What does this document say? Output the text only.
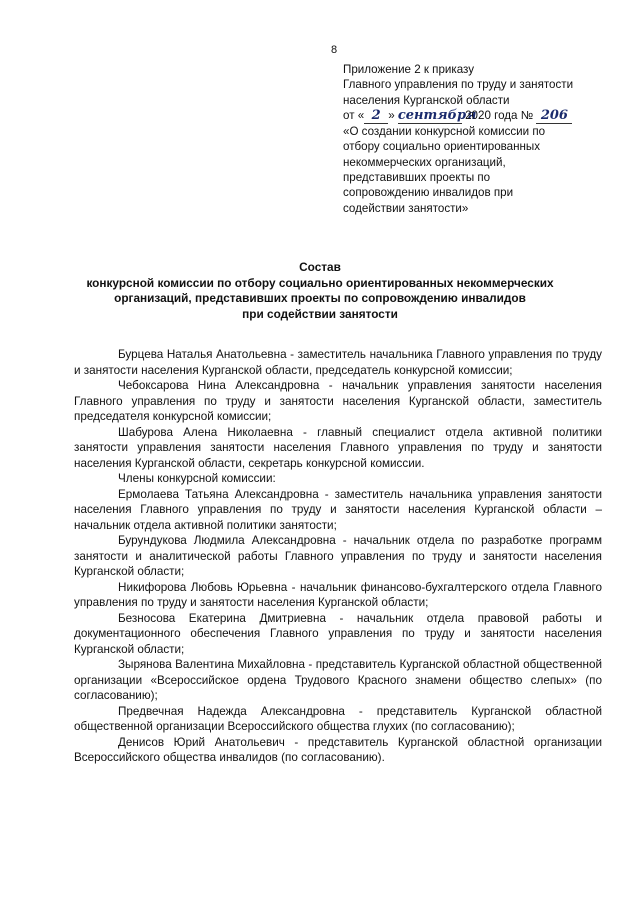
8
Приложение 2 к приказу
Главного управления по труду и занятости
населения Курганской области
от « 2 » сентября 2020 года № 206
«О создании конкурсной комиссии по
отбору социально ориентированных
некоммерческих организаций,
представивших проекты по
сопровождению инвалидов при
содействии занятости»
Состав
конкурсной комиссии по отбору социально ориентированных некоммерческих
организаций, представивших проекты по сопровождению инвалидов
при содействии занятости

Бурцева Наталья Анатольевна - заместитель начальника Главного управления по труду и занятости населения Курганской области, председатель конкурсной комиссии;

Чебоксарова Нина Александровна - начальник управления занятости населения Главного управления по труду и занятости населения Курганской области, заместитель председателя конкурсной комиссии;

Шабурова Алена Николаевна - главный специалист отдела активной политики занятости управления занятости населения Главного управления по труду и занятости населения Курганской области, секретарь конкурсной комиссии.

Члены конкурсной комиссии:

Ермолаева Татьяна Александровна - заместитель начальника управления занятости населения Главного управления по труду и занятости населения Курганской области – начальник отдела активной политики занятости;

Бурундукова Людмила Александровна - начальник отдела по разработке программ занятости и аналитической работы Главного управления по труду и занятости населения Курганской области;

Никифорова Любовь Юрьевна - начальник финансово-бухгалтерского отдела Главного управления по труду и занятости населения Курганской области;

Безносова Екатерина Дмитриевна - начальник отдела правовой работы и документационного обеспечения Главного управления по труду и занятости населения Курганской области;

Зырянова Валентина Михайловна - представитель Курганской областной общественной организации «Всероссийское ордена Трудового Красного знамени общество слепых» (по согласованию);

Предвечная Надежда Александровна - представитель Курганской областной общественной организации Всероссийского общества глухих (по согласованию);

Денисов Юрий Анатольевич - представитель Курганской областной организации Всероссийского общества инвалидов (по согласованию).
